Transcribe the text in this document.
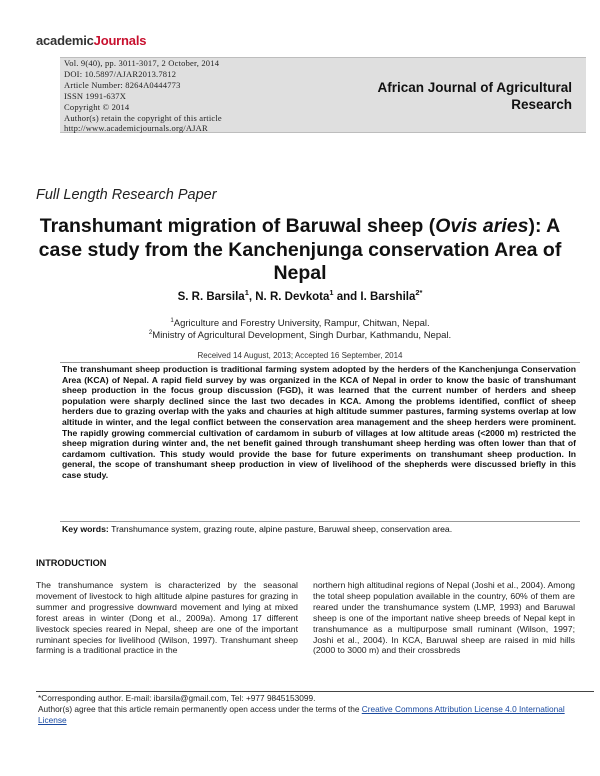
academicJournals
Vol. 9(40), pp. 3011-3017, 2 October, 2014
DOI: 10.5897/AJAR2013.7812
Article Number: 8264A0444773
ISSN 1991-637X
Copyright © 2014
Author(s) retain the copyright of this article
http://www.academicjournals.org/AJAR
African Journal of Agricultural
Research
Full Length Research Paper
Transhumant migration of Baruwal sheep (Ovis aries): A case study from the Kanchenjunga conservation Area of Nepal
S. R. Barsila$^1$, N. R. Devkota$^1$ and I. Barshila$^{2*}$
$^1$Agriculture and Forestry University, Rampur, Chitwan, Nepal.
$^2$Ministry of Agricultural Development, Singh Durbar, Kathmandu, Nepal.
Received 14 August, 2013; Accepted 16 September, 2014
The transhumant sheep production is traditional farming system adopted by the herders of the Kanchenjunga Conservation Area (KCA) of Nepal. A rapid field survey by was organized in the KCA of Nepal in order to know the basic of transhumant sheep production in the focus group discussion (FGD), it was learned that the current number of herders and sheep population were sharply declined since the last two decades in KCA. Among the problems identified, conflict of sheep herders due to grazing overlap with the yaks and chauries at high altitude summer pastures, farming systems overlap at low altitude in winter, and the legal conflict between the conservation area management and the sheep herders were prominent. The rapidly growing commercial cultivation of cardamom in suburb of villages at low altitude areas (<2000 m) restricted the sheep migration during winter and, the net benefit gained through transhumant sheep herding was often lower than that of cardamom cultivation. This study would provide the base for future experiments on transhumant sheep production. In general, the scope of transhumant sheep production in view of livelihood of the shepherds were discussed briefly in this case study.
Key words: Transhumance system, grazing route, alpine pasture, Baruwal sheep, conservation area.
INTRODUCTION
The transhumance system is characterized by the seasonal movement of livestock to high altitude alpine pastures for grazing in summer and progressive downward movement and lying at mixed forest areas in winter (Dong et al., 2009a). Among 17 different livestock species reared in Nepal, sheep are one of the important ruminant species for livelihood (Wilson, 1997). Transhumant sheep farming is a traditional practice in the
northern high altitudinal regions of Nepal (Joshi et al., 2004). Among the total sheep population available in the country, 60% of them are reared under the transhumance system (LMP, 1993) and Baruwal sheep is one of the important native sheep breeds of Nepal kept in transhumance as a multipurpose small ruminant (Wilson, 1997; Joshi et al., 2004). In KCA, Baruwal sheep are raised in mid hills (2000 to 3000 m) and their crossbreds
*Corresponding author. E-mail: ibarsila@gmail.com, Tel: +977 9845153099.
Author(s) agree that this article remain permanently open access under the terms of the Creative Commons Attribution License 4.0 International License
